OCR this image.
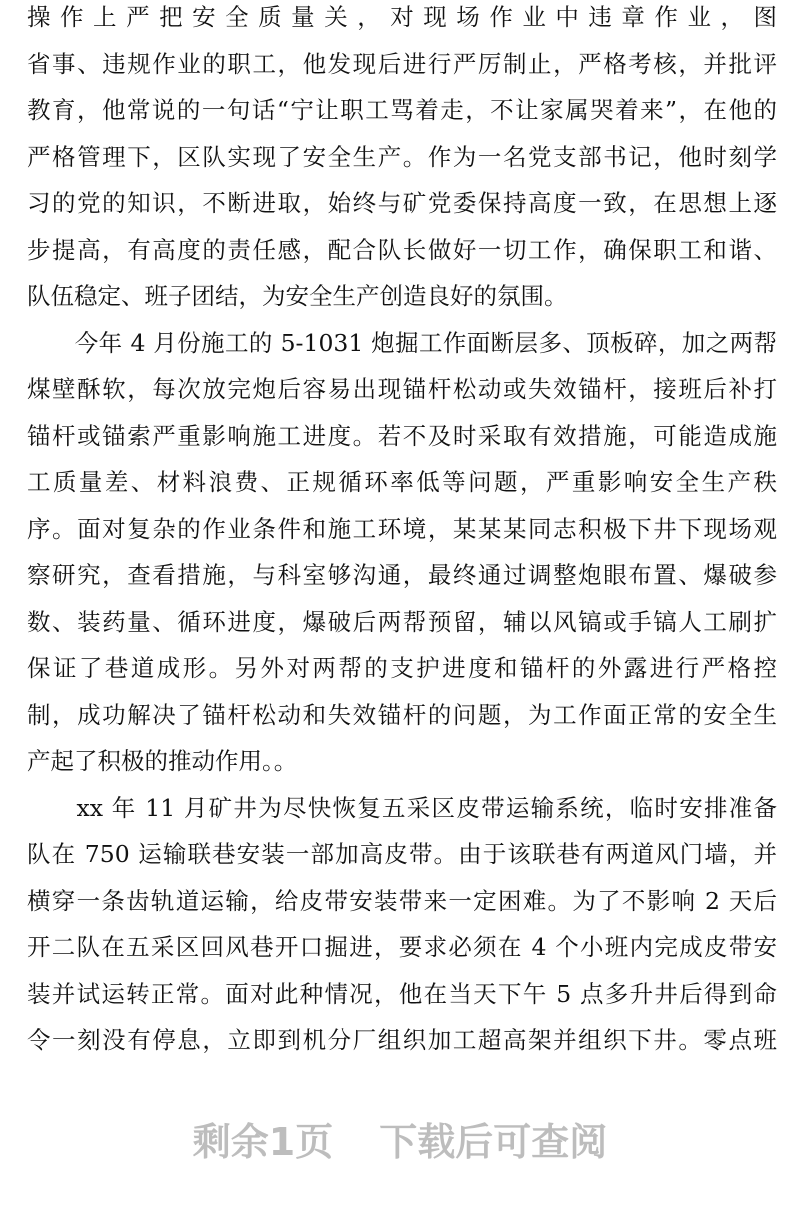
操作上严把安全质量关，对现场作业中违章作业，图
省事、违规作业的职工，他发现后进行严厉制止，严格考核，并批评
教育，他常说的一句话“宁让职工骂着走，不让家属哭着来”，在他的
严格管理下，区队实现了安全生产。作为一名党支部书记，他时刻学
习的党的知识，不断进取，始终与矿党委保持高度一致，在思想上逐
步提高，有高度的责任感，配合队长做好一切工作，确保职工和谐、
队伍稳定、班子团结，为安全生产创造良好的氛围。
　　今年 4 月份施工的 5-1031 炮掘工作面断层多、顶板碎，加之两帮
煤壁酥软，每次放完炮后容易出现锚杆松动或失效锚杆，接班后补打
锚杆或锚索严重影响施工进度。若不及时采取有效措施，可能造成施
工质量差、材料浪费、正规循环率低等问题，严重影响安全生产秩
序。面对复杂的作业条件和施工环境，某某某同志积极下井下现场观
察研究，查看措施，与科室够沟通，最终通过调整炮眼布置、爆破参
数、装药量、循环进度，爆破后两帮预留，辅以风镐或手镐人工刷扩
保证了巷道成形。另外对两帮的支护进度和锚杆的外露进行严格控
制，成功解决了锚杆松动和失效锚杆的问题，为工作面正常的安全生
产起了积极的推动作用。。
　　xx 年 11 月矿井为尽快恢复五采区皮带运输系统，临时安排准备
队在 750 运输联巷安装一部加高皮带。由于该联巷有两道风门墙，并
横穿一条齿轨道运输，给皮带安装带来一定困难。为了不影响 2 天后
开二队在五采区回风巷开口掘进，要求必须在 4 个小班内完成皮带安
装并试运转正常。面对此种情况，他在当天下午 5 点多升井后得到命
令一刻没有停息，立即到机分厂组织加工超高架并组织下井。零点班
剩余1页 下载后可查阅
